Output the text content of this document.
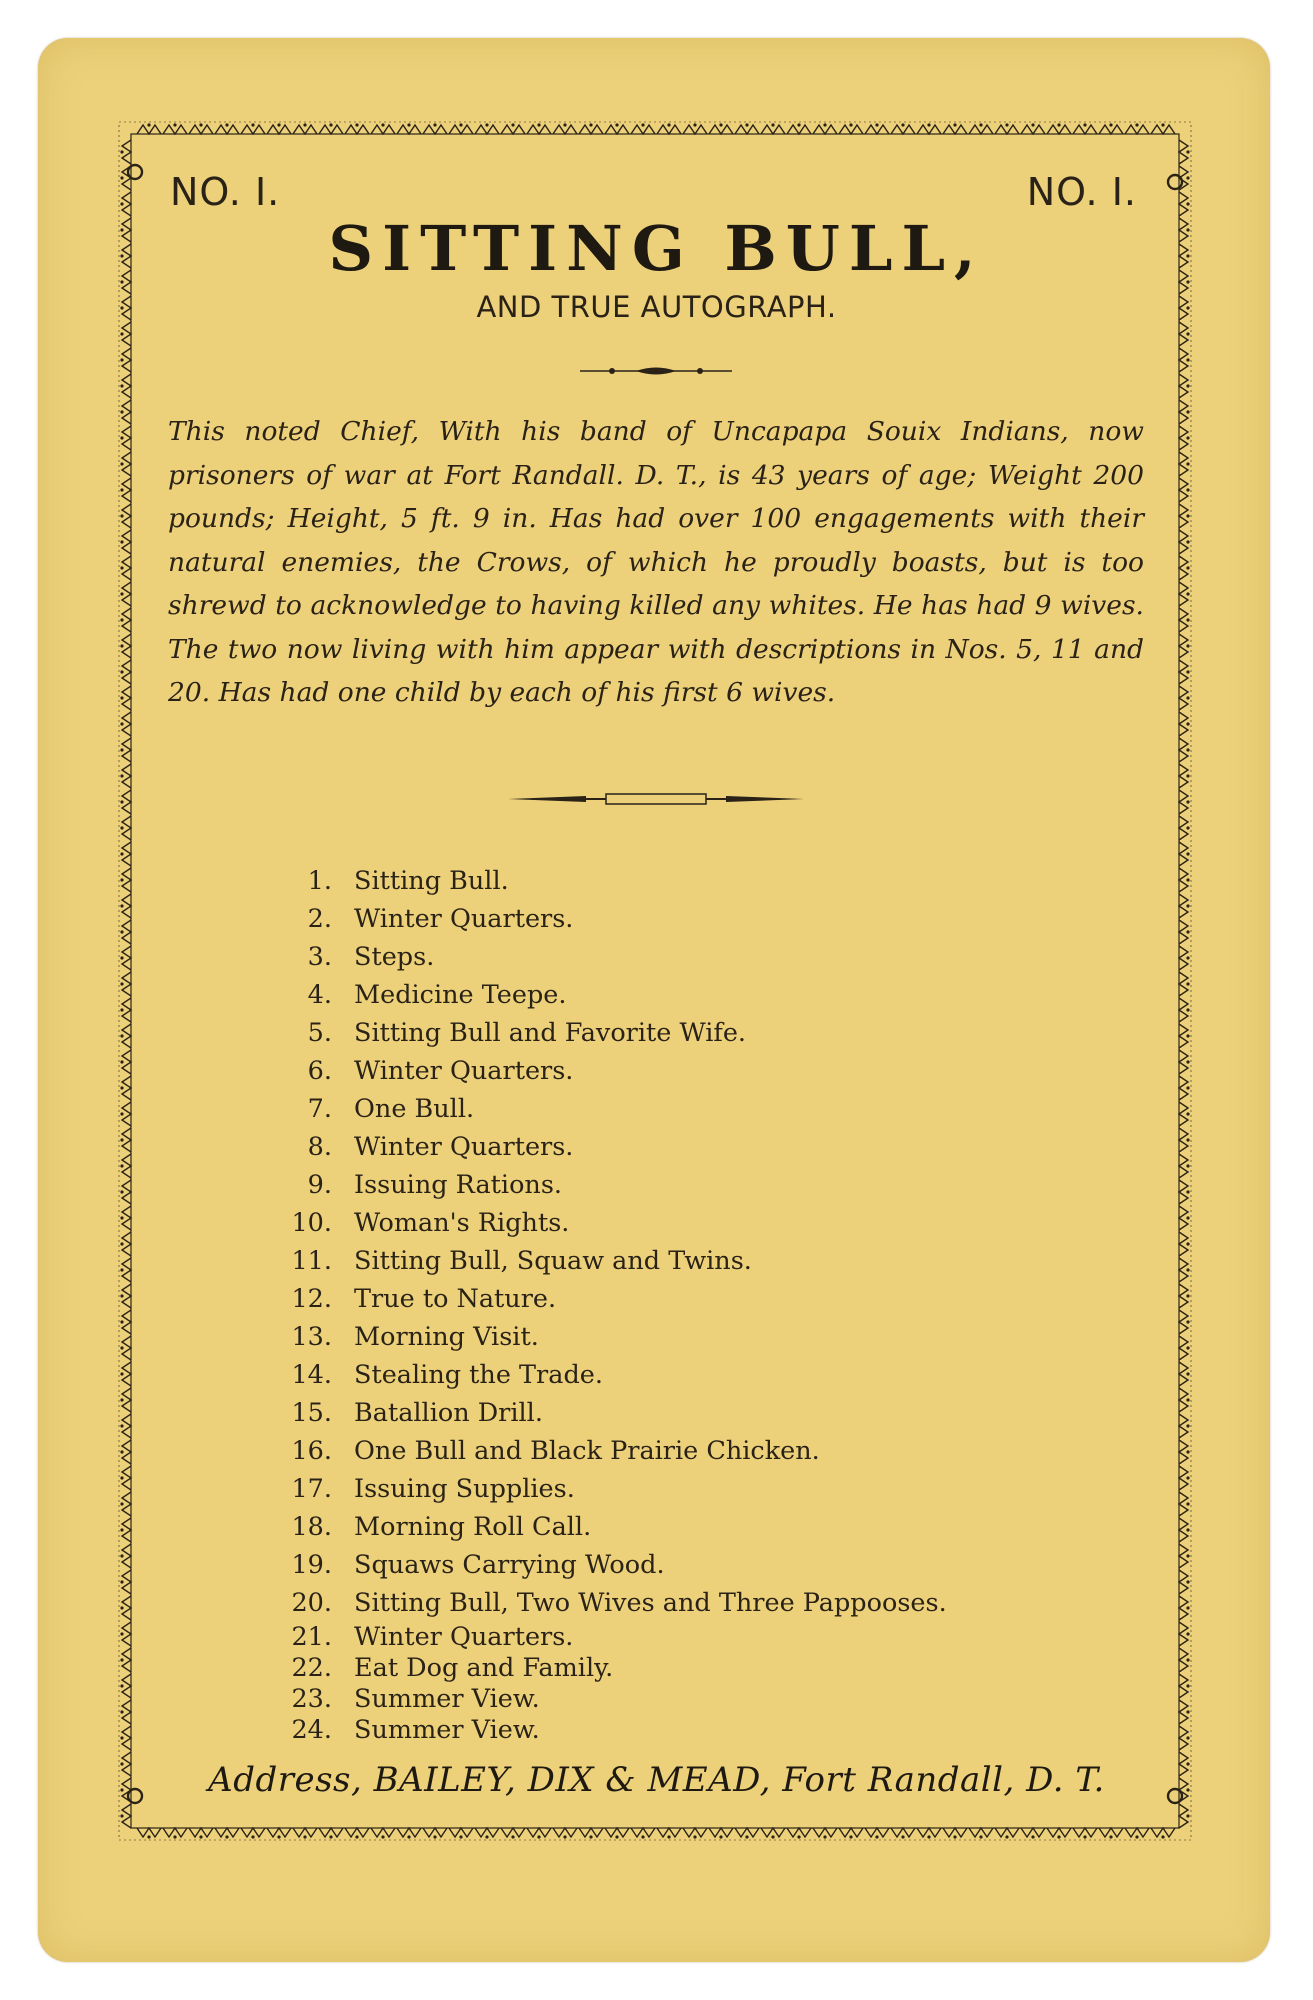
NO. I.	NO. I.
SITTING BULL,
AND TRUE AUTOGRAPH.
This noted Chief, With his band of Uncapapa Souix Indians, now prisoners of war at Fort Randall. D. T., is 43 years of age; Weight 200 pounds; Height, 5 ft. 9 in. Has had over 100 engagements with their natural enemies, the Crows, of which he proudly boasts, but is too shrewd to acknowledge to having killed any whites. He has had 9 wives. The two now living with him appear with descriptions in Nos. 5, 11 and 20. Has had one child by each of his first 6 wives.
1. Sitting Bull.
2. Winter Quarters.
3. Steps.
4. Medicine Teepe.
5. Sitting Bull and Favorite Wife.
6. Winter Quarters.
7. One Bull.
8. Winter Quarters.
9. Issuing Rations.
10. Woman's Rights.
11. Sitting Bull, Squaw and Twins.
12. True to Nature.
13. Morning Visit.
14. Stealing the Trade.
15. Batallion Drill.
16. One Bull and Black Prairie Chicken.
17. Issuing Supplies.
18. Morning Roll Call.
19. Squaws Carrying Wood.
20. Sitting Bull, Two Wives and Three Pappooses.
21. Winter Quarters.
22. Eat Dog and Family.
23. Summer View.
24. Summer View.
Address, BAILEY, DIX & MEAD, Fort Randall, D. T.
